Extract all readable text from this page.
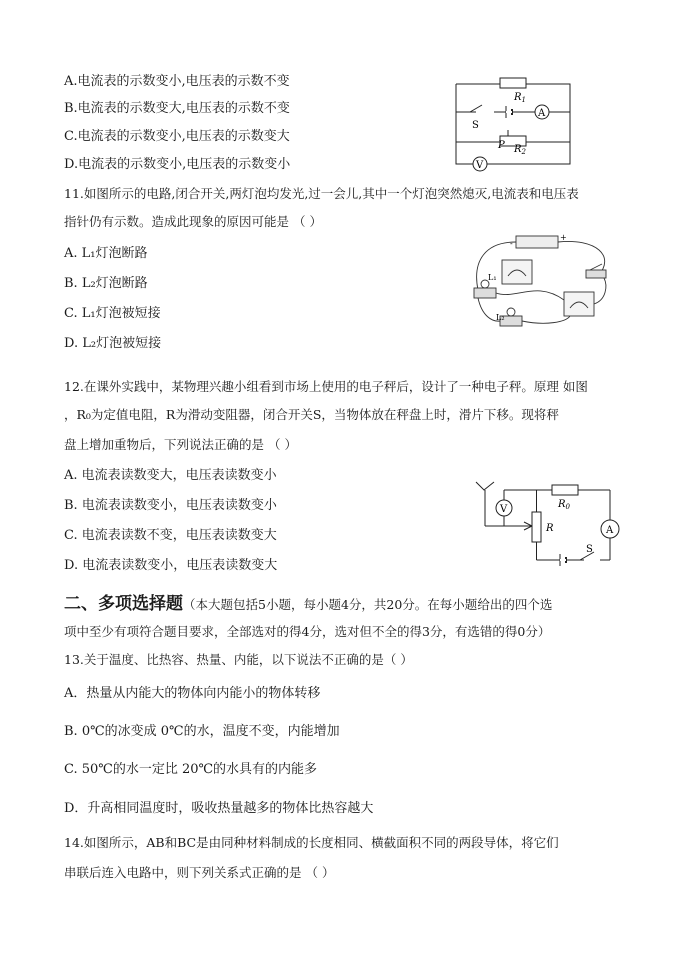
A.电流表的示数变小,电压表的示数不变
B.电流表的示数变大,电压表的示数不变
C.电流表的示数变小,电压表的示数变大
D.电流表的示数变小,电压表的示数变小
$R_1$
S
A
P $R_2$
V
11.如图所示的电路,闭合开关,两灯泡均发光,过一会儿,其中一个灯泡突然熄灭,电流表和电压表
指针仍有示数。造成此现象的原因可能是 （ ）
A. L₁灯泡断路
B. L₂灯泡断路
C. L₁灯泡被短接
D. L₂灯泡被短接
-
+
L₁
L₂
12.在课外实践中，某物理兴趣小组看到市场上使用的电子秤后，设计了一种电子秤。原理 如图
，R₀为定值电阻，R为滑动变阻器，闭合开关S，当物体放在秤盘上时，滑片下移。现将秤
盘上增加重物后，下列说法正确的是 （ ）
A. 电流表读数变大，电压表读数变小
B. 电流表读数变小，电压表读数变小
C. 电流表读数不变，电压表读数变大
D. 电流表读数变小，电压表读数变大
V	$R_0$
A
R
S
二、多项选择题（本大题包括5小题，每小题4分，共20分。在每小题给出的四个选
项中至少有项符合题目要求，全部选对的得4分，选对但不全的得3分，有选错的得0分）
13.关于温度、比热容、热量、内能，以下说法不正确的是（ ）
A．热量从内能大的物体向内能小的物体转移
B. 0℃的冰变成 0℃的水，温度不变，内能增加
C. 50℃的水一定比 20℃的水具有的内能多
D．升高相同温度时，吸收热量越多的物体比热容越大
14.如图所示，AB和BC是由同种材料制成的长度相同、横截面积不同的两段导体，将它们
串联后连入电路中，则下列关系式正确的是 （ ）
